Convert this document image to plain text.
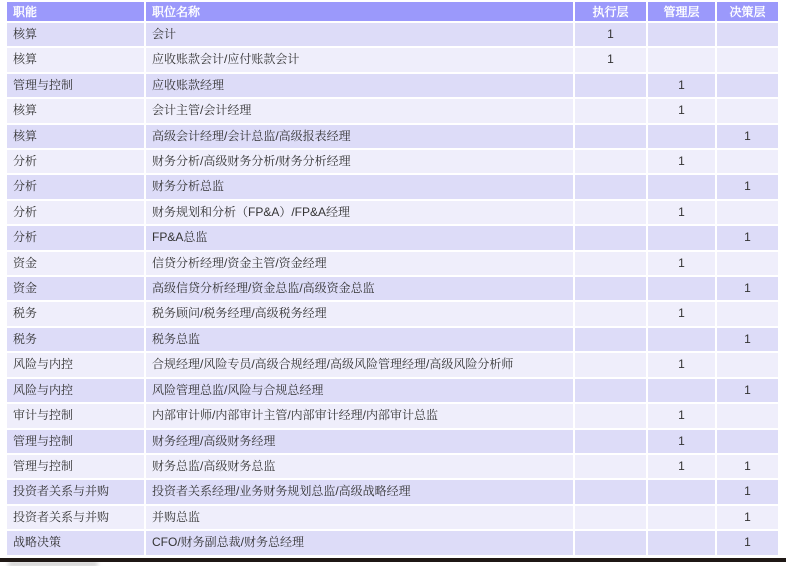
职能	职位名称	执行层	管理层	决策层
核算	会计	1		
核算	应收账款会计/应付账款会计	1		
管理与控制	应收账款经理		1	
核算	会计主管/会计经理		1	
核算	高级会计经理/会计总监/高级报表经理			1
分析	财务分析/高级财务分析/财务分析经理		1	
分析	财务分析总监			1
分析	财务规划和分析（FP&A）/FP&A经理		1	
分析	FP&A总监			1
资金	信贷分析经理/资金主管/资金经理		1	
资金	高级信贷分析经理/资金总监/高级资金总监			1
税务	税务顾问/税务经理/高级税务经理		1	
税务	税务总监			1
风险与内控	合规经理/风险专员/高级合规经理/高级风险管理经理/高级风险分析师		1	
风险与内控	风险管理总监/风险与合规总经理			1
审计与控制	内部审计师/内部审计主管/内部审计经理/内部审计总监		1	
管理与控制	财务经理/高级财务经理		1	
管理与控制	财务总监/高级财务总监		1	1
投资者关系与并购	投资者关系经理/业务财务规划总监/高级战略经理			1
投资者关系与并购	并购总监			1
战略决策	CFO/财务副总裁/财务总经理			1
